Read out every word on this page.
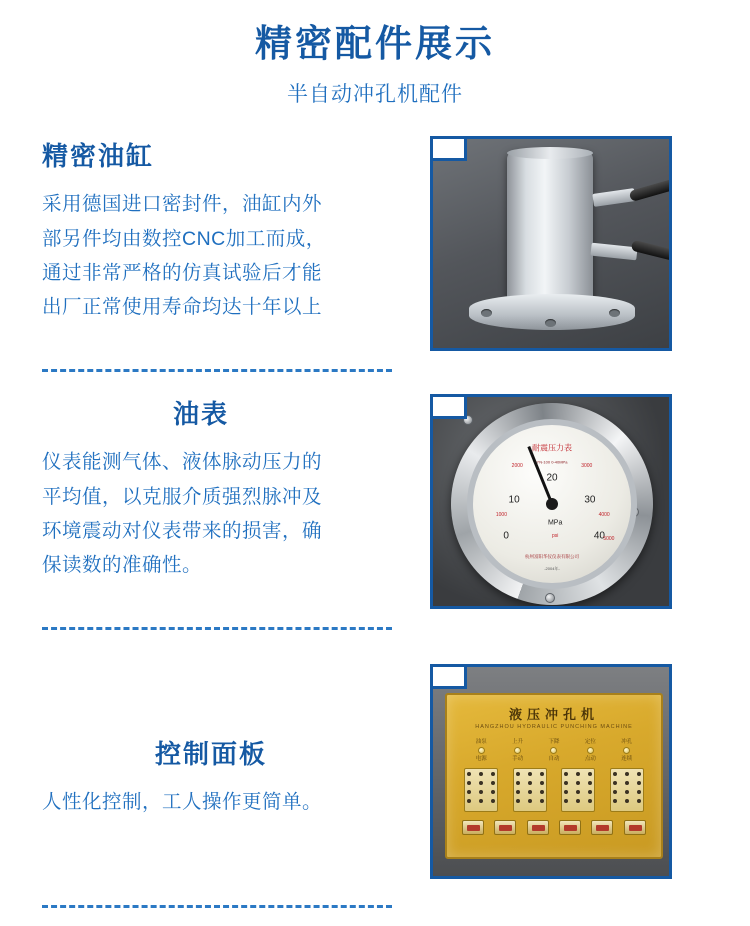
精密配件展示
半自动冲孔机配件
精密油缸
采用德国进口密封件，油缸内外
部另件均由数控CNC加工而成，
通过非常严格的仿真试验后才能
出厂正常使用寿命均达十年以上
油表
仪表能测气体、液体脉动压力的
平均值，以克服介质强烈脉冲及
环境震动对仪表带来的损害，确
保读数的准确性。
耐震压力表
YN-100 0-40MPa
20
10	30
0	40
1000
2000	3000
4000
5000
MPa
psi
杭州富阳华仪仪表有限公司
-2004年-
控制面板
人性化控制，工人操作更简单。
液压冲孔机
HANGZHOU HYDRAULIC PUNCHING MACHINE
油泵
电源
上升
手动
下降
自动
定位
点动
冲孔
连续
